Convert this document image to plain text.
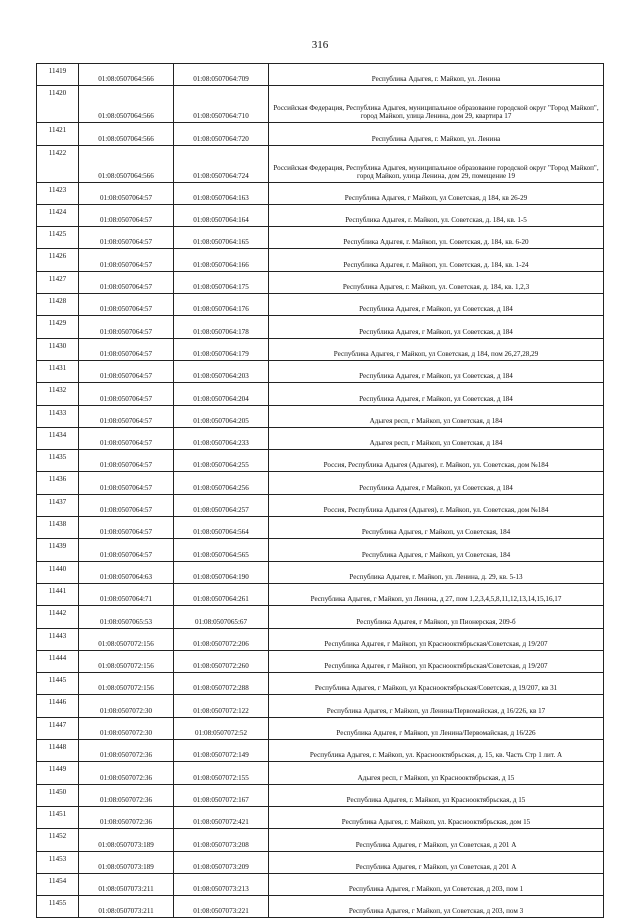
316
11419	01:08:0507064:566	01:08:0507064:709	Республика Адыгея, г. Майкоп, ул. Ленина
11420	01:08:0507064:566	01:08:0507064:710	Российская Федерация, Республика Адыгея, муниципальное образование городской округ "Город Майкоп", город Майкоп, улица Ленина, дом 29, квартира 17
11421	01:08:0507064:566	01:08:0507064:720	Республика Адыгея, г. Майкоп, ул. Ленина
11422	01:08:0507064:566	01:08:0507064:724	Российская Федерация, Республика Адыгея, муниципальное образование городской округ "Город Майкоп", город Майкоп, улица Ленина, дом 29, помещение 19
11423	01:08:0507064:57	01:08:0507064:163	Республика Адыгея, г Майкоп, ул Советская, д 184, кв 26-29
11424	01:08:0507064:57	01:08:0507064:164	Республика Адыгея, г. Майкоп, ул. Советская, д. 184, кв. 1-5
11425	01:08:0507064:57	01:08:0507064:165	Республика Адыгея, г. Майкоп, ул. Советская, д. 184, кв. 6-20
11426	01:08:0507064:57	01:08:0507064:166	Республика Адыгея, г. Майкоп, ул. Советская, д. 184, кв. 1-24
11427	01:08:0507064:57	01:08:0507064:175	Республика Адыгея, г. Майкоп, ул. Советская, д. 184, кв. 1,2,3
11428	01:08:0507064:57	01:08:0507064:176	Республика Адыгея, г Майкоп, ул Советская, д 184
11429	01:08:0507064:57	01:08:0507064:178	Республика Адыгея, г Майкоп, ул Советская, д 184
11430	01:08:0507064:57	01:08:0507064:179	Республика Адыгея, г Майкоп, ул Советская, д 184, пом 26,27,28,29
11431	01:08:0507064:57	01:08:0507064:203	Республика Адыгея, г Майкоп, ул Советская, д 184
11432	01:08:0507064:57	01:08:0507064:204	Республика Адыгея, г Майкоп, ул Советская, д 184
11433	01:08:0507064:57	01:08:0507064:205	Адыгея респ, г Майкоп, ул Советская, д 184
11434	01:08:0507064:57	01:08:0507064:233	Адыгея респ, г Майкоп, ул Советская, д 184
11435	01:08:0507064:57	01:08:0507064:255	Россия, Республика Адыгея (Адыгея), г. Майкоп, ул. Советская, дом №184
11436	01:08:0507064:57	01:08:0507064:256	Республика Адыгея, г Майкоп, ул Советская, д 184
11437	01:08:0507064:57	01:08:0507064:257	Россия, Республика Адыгея (Адыгея), г. Майкоп, ул. Советская, дом №184
11438	01:08:0507064:57	01:08:0507064:564	Республика Адыгея, г Майкоп, ул Советская, 184
11439	01:08:0507064:57	01:08:0507064:565	Республика Адыгея, г Майкоп, ул Советская, 184
11440	01:08:0507064:63	01:08:0507064:190	Республика Адыгея, г. Майкоп, ул. Ленина, д. 29, кв. 5-13
11441	01:08:0507064:71	01:08:0507064:261	Республика Адыгея, г Майкоп, ул Ленина, д 27, пом 1,2,3,4,5,8,11,12,13,14,15,16,17
11442	01:08:0507065:53	01:08:0507065:67	Республика Адыгея, г Майкоп, ул Пионерская, 209-б
11443	01:08:0507072:156	01:08:0507072:206	Республика Адыгея, г Майкоп, ул Краснооктябрьская/Советская, д 19/207
11444	01:08:0507072:156	01:08:0507072:260	Республика Адыгея, г Майкоп, ул Краснооктябрьская/Советская, д 19/207
11445	01:08:0507072:156	01:08:0507072:288	Республика Адыгея, г Майкоп, ул Краснооктябрьская/Советская, д 19/207, кв 31
11446	01:08:0507072:30	01:08:0507072:122	Республика Адыгея, г Майкоп, ул Ленина/Первомайская, д 16/226, кв 17
11447	01:08:0507072:30	01:08:0507072:52	Республика Адыгея, г Майкоп, ул Ленина/Первомайская, д 16/226
11448	01:08:0507072:36	01:08:0507072:149	Республика Адыгея, г. Майкоп, ул. Краснооктябрьская, д. 15, кв. Часть Стр 1 лит. А
11449	01:08:0507072:36	01:08:0507072:155	Адыгея респ, г Майкоп, ул Краснооктябрьская, д 15
11450	01:08:0507072:36	01:08:0507072:167	Республика Адыгея, г. Майкоп, ул Краснооктябрьская, д 15
11451	01:08:0507072:36	01:08:0507072:421	Республика Адыгея, г. Майкоп, ул. Краснооктябрьская, дом 15
11452	01:08:0507073:189	01:08:0507073:208	Республика Адыгея, г Майкоп, ул Советская, д 201 А
11453	01:08:0507073:189	01:08:0507073:209	Республика Адыгея, г Майкоп, ул Советская, д 201 А
11454	01:08:0507073:211	01:08:0507073:213	Республика Адыгея, г Майкоп, ул Советская, д 203, пом 1
11455	01:08:0507073:211	01:08:0507073:221	Республика Адыгея, г Майкоп, ул Советская, д 203, пом 3
